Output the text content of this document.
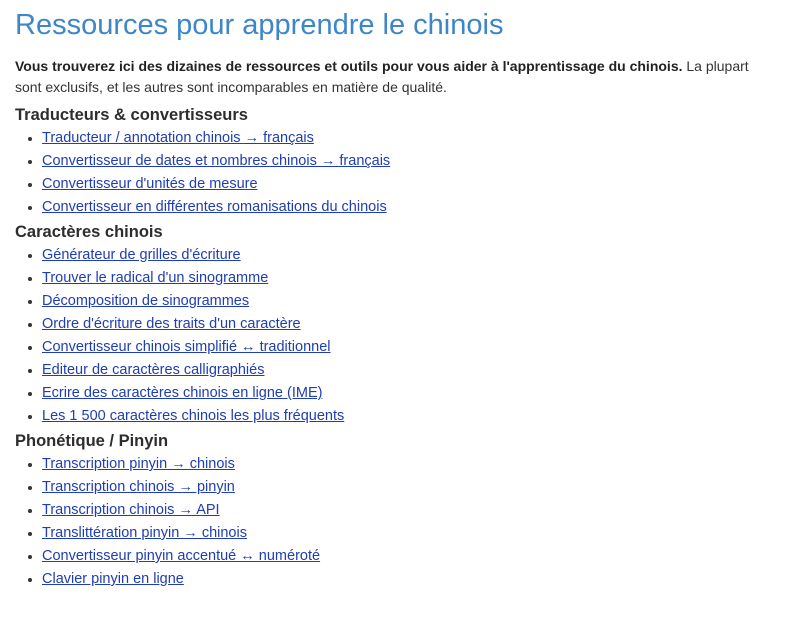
Ressources pour apprendre le chinois

Vous trouverez ici des dizaines de ressources et outils pour vous aider à l'apprentissage du chinois. La plupart sont exclusifs, et les autres sont incomparables en matière de qualité.

Traducteurs & convertisseurs
• Traducteur / annotation chinois → français
• Convertisseur de dates et nombres chinois → français
• Convertisseur d'unités de mesure
• Convertisseur en différentes romanisations du chinois
Caractères chinois
• Générateur de grilles d'écriture
• Trouver le radical d'un sinogramme
• Décomposition de sinogrammes
• Ordre d'écriture des traits d'un caractère
• Convertisseur chinois simplifié ↔ traditionnel
• Editeur de caractères calligraphiés
• Ecrire des caractères chinois en ligne (IME)
• Les 1 500 caractères chinois les plus fréquents
Phonétique / Pinyin
• Transcription pinyin → chinois
• Transcription chinois → pinyin
• Transcription chinois → API
• Translittération pinyin → chinois
• Convertisseur pinyin accentué ↔ numéroté
• Clavier pinyin en ligne
